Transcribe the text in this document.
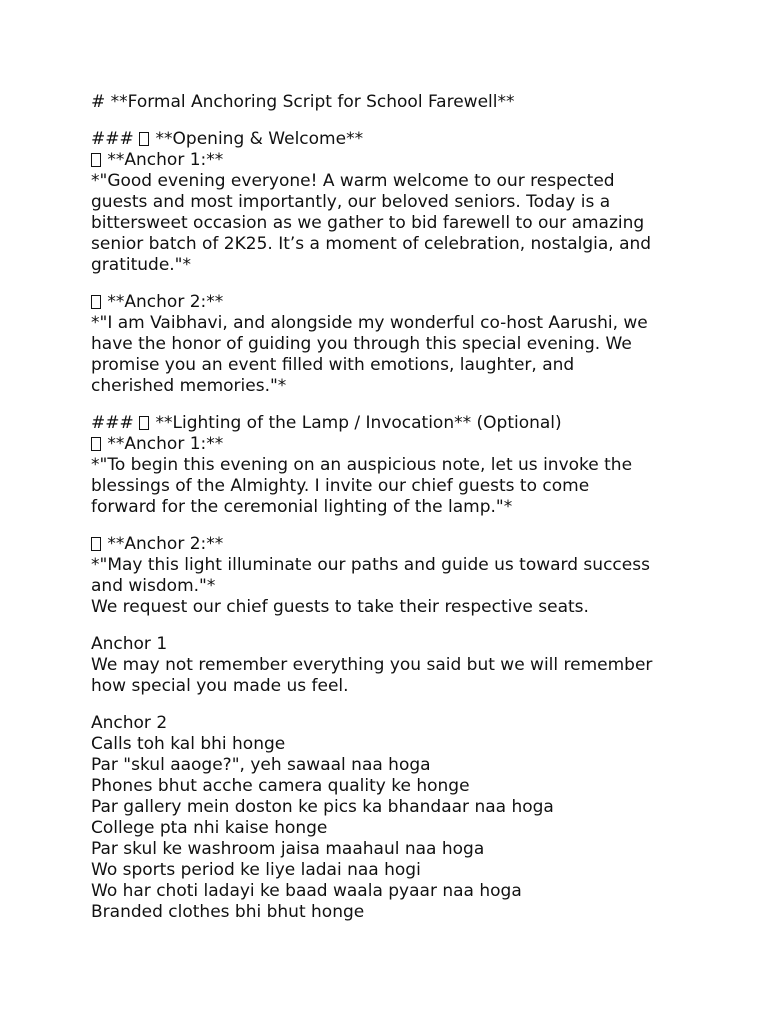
# **Formal Anchoring Script for School Farewell**
###  **Opening & Welcome**
**Anchor 1:**
*"Good evening everyone! A warm welcome to our respected
guests and most importantly, our beloved seniors. Today is a
bittersweet occasion as we gather to bid farewell to our amazing
senior batch of 2K25. It’s a moment of celebration, nostalgia, and
gratitude."*
**Anchor 2:**
*"I am Vaibhavi, and alongside my wonderful co-host Aarushi, we
have the honor of guiding you through this special evening. We
promise you an event filled with emotions, laughter, and
cherished memories."*
###  **Lighting of the Lamp / Invocation** (Optional)
**Anchor 1:**
*"To begin this evening on an auspicious note, let us invoke the
blessings of the Almighty. I invite our chief guests to come
forward for the ceremonial lighting of the lamp."*
**Anchor 2:**
*"May this light illuminate our paths and guide us toward success
and wisdom."*
We request our chief guests to take their respective seats.
Anchor 1
We may not remember everything you said but we will remember
how special you made us feel.
Anchor 2
Calls toh kal bhi honge
Par "skul aaoge?", yeh sawaal naa hoga
Phones bhut acche camera quality ke honge
Par gallery mein doston ke pics ka bhandaar naa hoga
College pta nhi kaise honge
Par skul ke washroom jaisa maahaul naa hoga
Wo sports period ke liye ladai naa hogi
Wo har choti ladayi ke baad waala pyaar naa hoga
Branded clothes bhi bhut honge
